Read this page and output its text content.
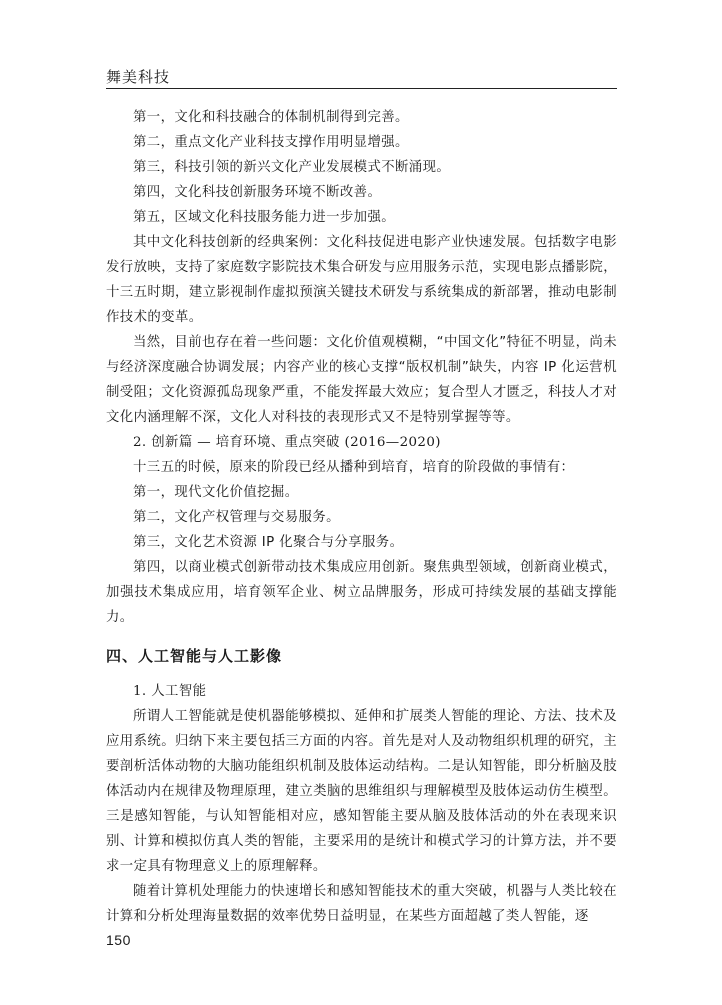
舞美科技

第一，文化和科技融合的体制机制得到完善。

第二，重点文化产业科技支撑作用明显增强。

第三，科技引领的新兴文化产业发展模式不断涌现。

第四，文化科技创新服务环境不断改善。

第五，区域文化科技服务能力进一步加强。

其中文化科技创新的经典案例：文化科技促进电影产业快速发展。包括数字电影发行放映，支持了家庭数字影院技术集合研发与应用服务示范，实现电影点播影院，十三五时期，建立影视制作虚拟预演关键技术研发与系统集成的新部署，推动电影制作技术的变革。

当然，目前也存在着一些问题：文化价值观模糊，“中国文化”特征不明显，尚未与经济深度融合协调发展；内容产业的核心支撑“版权机制”缺失，内容 IP 化运营机制受阻；文化资源孤岛现象严重，不能发挥最大效应；复合型人才匮乏，科技人才对文化内涵理解不深，文化人对科技的表现形式又不是特别掌握等等。

2. 创新篇 — 培育环境、重点突破 (2016—2020)

十三五的时候，原来的阶段已经从播种到培育，培育的阶段做的事情有：

第一，现代文化价值挖掘。

第二，文化产权管理与交易服务。

第三，文化艺术资源 IP 化聚合与分享服务。

第四，以商业模式创新带动技术集成应用创新。聚焦典型领域，创新商业模式，加强技术集成应用，培育领军企业、树立品牌服务，形成可持续发展的基础支撑能力。

四、人工智能与人工影像

1. 人工智能

所谓人工智能就是使机器能够模拟、延伸和扩展类人智能的理论、方法、技术及应用系统。归纳下来主要包括三方面的内容。首先是对人及动物组织机理的研究，主要剖析活体动物的大脑功能组织机制及肢体运动结构。二是认知智能，即分析脑及肢体活动内在规律及物理原理，建立类脑的思维组织与理解模型及肢体运动仿生模型。三是感知智能，与认知智能相对应，感知智能主要从脑及肢体活动的外在表现来识别、计算和模拟仿真人类的智能，主要采用的是统计和模式学习的计算方法，并不要求一定具有物理意义上的原理解释。

随着计算机处理能力的快速增长和感知智能技术的重大突破，机器与人类比较在计算和分析处理海量数据的效率优势日益明显，在某些方面超越了类人智能，逐

150
